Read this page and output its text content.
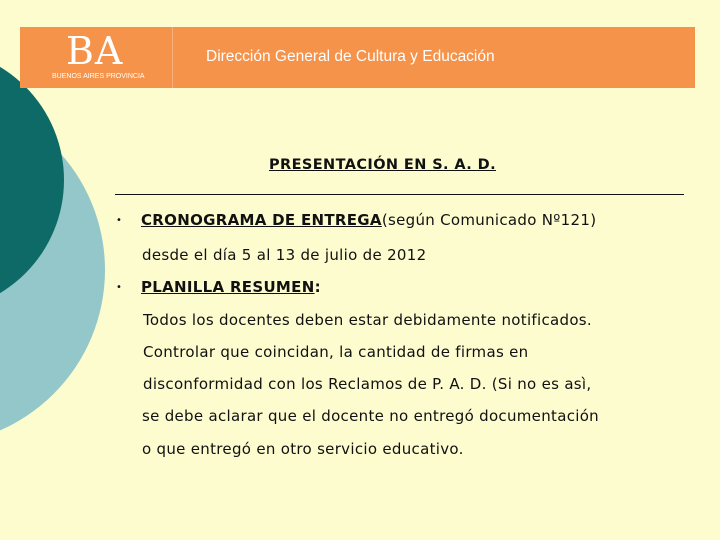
BA
BUENOS AIRES PROVINCIA
Dirección General de Cultura y Educación
PRESENTACIÓN EN S. A. D.
• CRONOGRAMA DE ENTREGA(según Comunicado Nº121)
desde el día 5 al 13 de julio de 2012
• PLANILLA RESUMEN:
Todos los docentes deben estar debidamente notificados.
Controlar que coincidan, la cantidad de firmas en
disconformidad con los Reclamos de P. A. D. (Si no es asì,
se debe aclarar que el docente no entregó documentación
o que entregó en otro servicio educativo.
